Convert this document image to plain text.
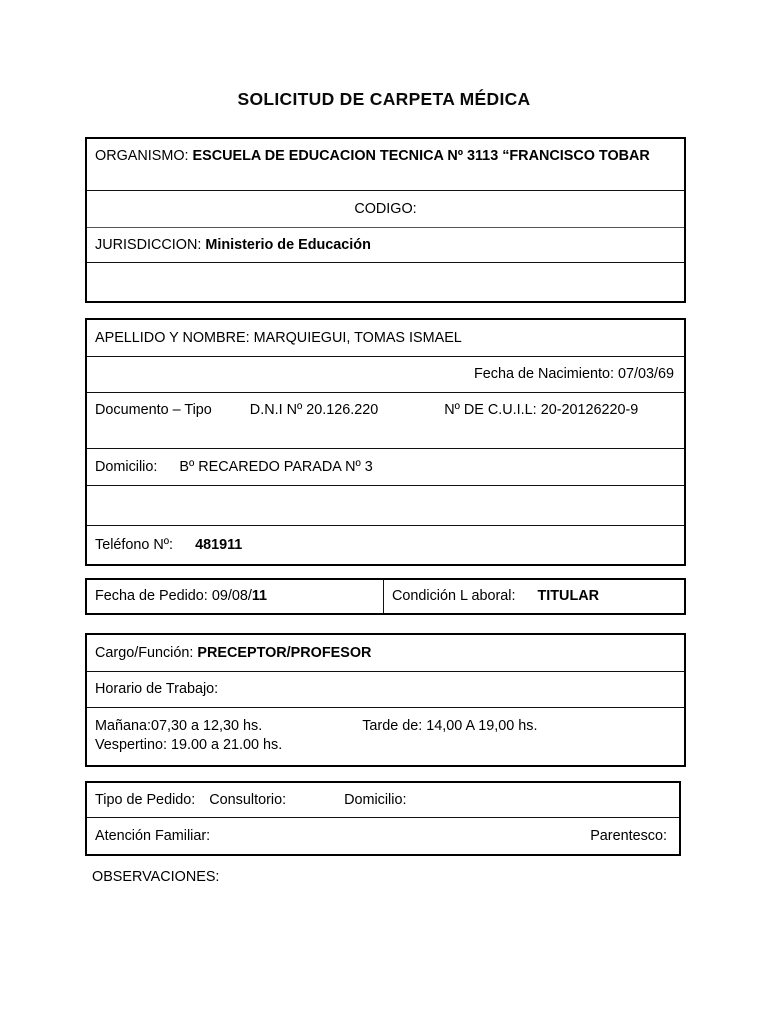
SOLICITUD DE CARPETA MÉDICA
ORGANISMO: ESCUELA DE EDUCACION TECNICA Nº 3113 “FRANCISCO TOBAR
CODIGO:
JURISDICCION: Ministerio de Educación
APELLIDO Y NOMBRE: MARQUIEGUI, TOMAS ISMAEL
Fecha de Nacimiento: 07/03/69
Documento – Tipo	D.N.I Nº 20.126.220	Nº DE C.U.I.L: 20-20126220-9
Domicilio: Bº RECAREDO PARADA Nº 3
Teléfono Nº: 481911
Fecha de Pedido: 09/08/11	Condición L aboral: TITULAR
Cargo/Función: PRECEPTOR/PROFESOR
Horario de Trabajo:
Mañana:07,30 a 12,30 hs.	Tarde de: 14,00 A 19,00 hs.
Vespertino: 19.00 a 21.00 hs.
Tipo de Pedido: Consultorio:	Domicilio:
Atención Familiar:	Parentesco:
OBSERVACIONES:
